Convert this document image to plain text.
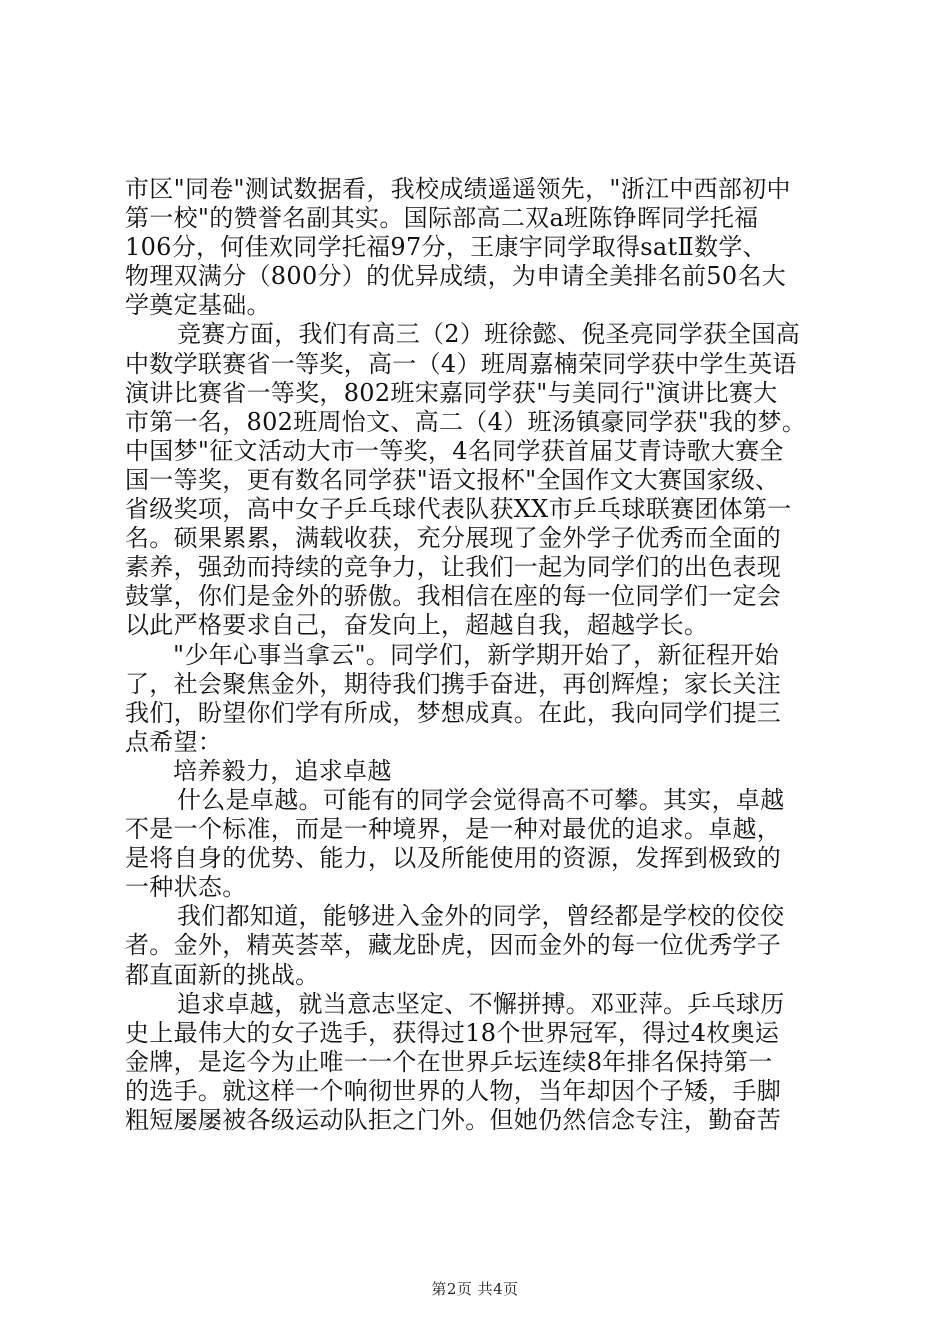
市区"同卷"测试数据看，我校成绩遥遥领先，"浙江中西部初中
第一校"的赞誉名副其实。国际部高二双a班陈铮晖同学托福
106分，何佳欢同学托福97分，王康宇同学取得satⅡ数学、
物理双满分（800分）的优异成绩，为申请全美排名前50名大
学奠定基础。
竞赛方面，我们有高三（2）班徐懿、倪圣亮同学获全国高
中数学联赛省一等奖，高一（4）班周嘉楠荣同学获中学生英语
演讲比赛省一等奖，802班宋嘉同学获"与美同行"演讲比赛大
市第一名，802班周怡文、高二（4）班汤镇豪同学获"我的梦。
中国梦"征文活动大市一等奖，4名同学获首届艾青诗歌大赛全
国一等奖，更有数名同学获"语文报杯"全国作文大赛国家级、
省级奖项，高中女子乒乓球代表队获XX市乒乓球联赛团体第一
名。硕果累累，满载收获，充分展现了金外学子优秀而全面的
素养，强劲而持续的竞争力，让我们一起为同学们的出色表现
鼓掌，你们是金外的骄傲。我相信在座的每一位同学们一定会
以此严格要求自己，奋发向上，超越自我，超越学长。
"少年心事当拿云"。同学们，新学期开始了，新征程开始
了，社会聚焦金外，期待我们携手奋进，再创辉煌；家长关注
我们，盼望你们学有所成，梦想成真。在此，我向同学们提三
点希望：
培养毅力，追求卓越
什么是卓越。可能有的同学会觉得高不可攀。其实，卓越
不是一个标准，而是一种境界，是一种对最优的追求。卓越，
是将自身的优势、能力，以及所能使用的资源，发挥到极致的
一种状态。
我们都知道，能够进入金外的同学，曾经都是学校的佼佼
者。金外，精英荟萃，藏龙卧虎，因而金外的每一位优秀学子
都直面新的挑战。
追求卓越，就当意志坚定、不懈拼搏。邓亚萍。乒乓球历
史上最伟大的女子选手，获得过18个世界冠军，得过4枚奥运
金牌，是迄今为止唯一一个在世界乒坛连续8年排名保持第一
的选手。就这样一个响彻世界的人物，当年却因个子矮，手脚
粗短屡屡被各级运动队拒之门外。但她仍然信念专注，勤奋苦
第2页 共4页
